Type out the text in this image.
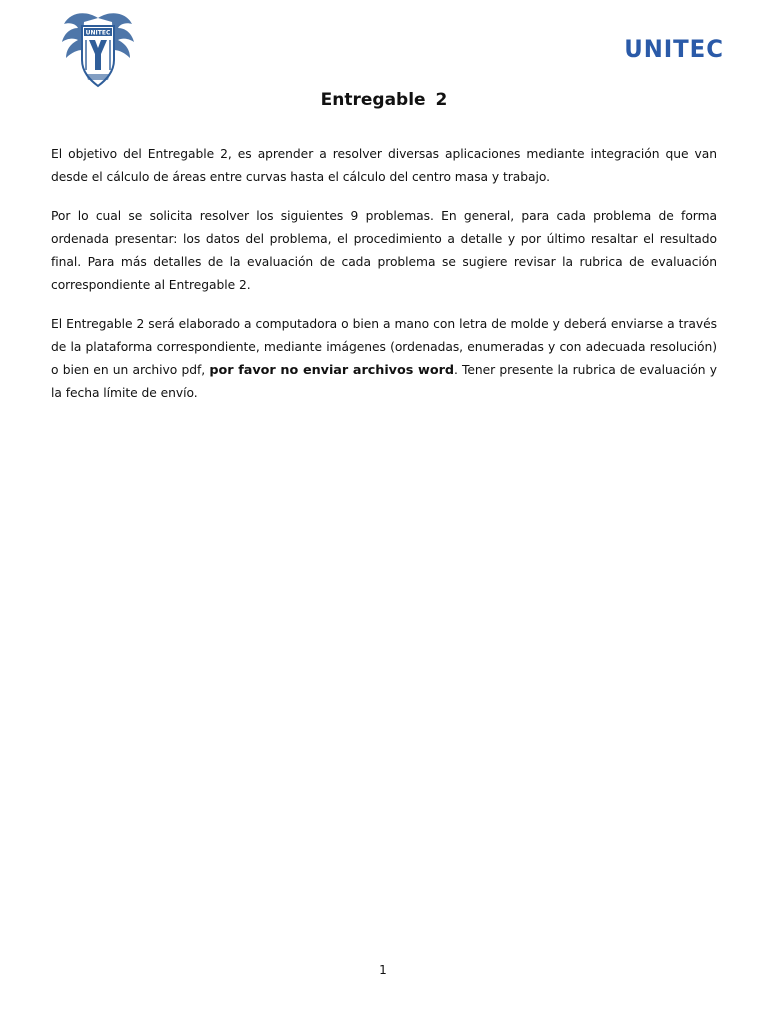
UNITEC
UNITEC
Entregable 2

El objetivo del Entregable 2, es aprender a resolver diversas aplicaciones mediante integración que van desde el cálculo de áreas entre curvas hasta el cálculo del centro masa y trabajo.

Por lo cual se solicita resolver los siguientes 9 problemas. En general, para cada problema de forma ordenada presentar: los datos del problema, el procedimiento a detalle y por último resaltar el resultado final. Para más detalles de la evaluación de cada problema se sugiere revisar la rubrica de evaluación correspondiente al Entregable 2.

El Entregable 2 será elaborado a computadora o bien a mano con letra de molde y deberá enviarse a través de la plataforma correspondiente, mediante imágenes (ordenadas, enumeradas y con adecuada resolución) o bien en un archivo pdf, por favor no enviar archivos word. Tener presente la rubrica de evaluación y la fecha límite de envío.

1
